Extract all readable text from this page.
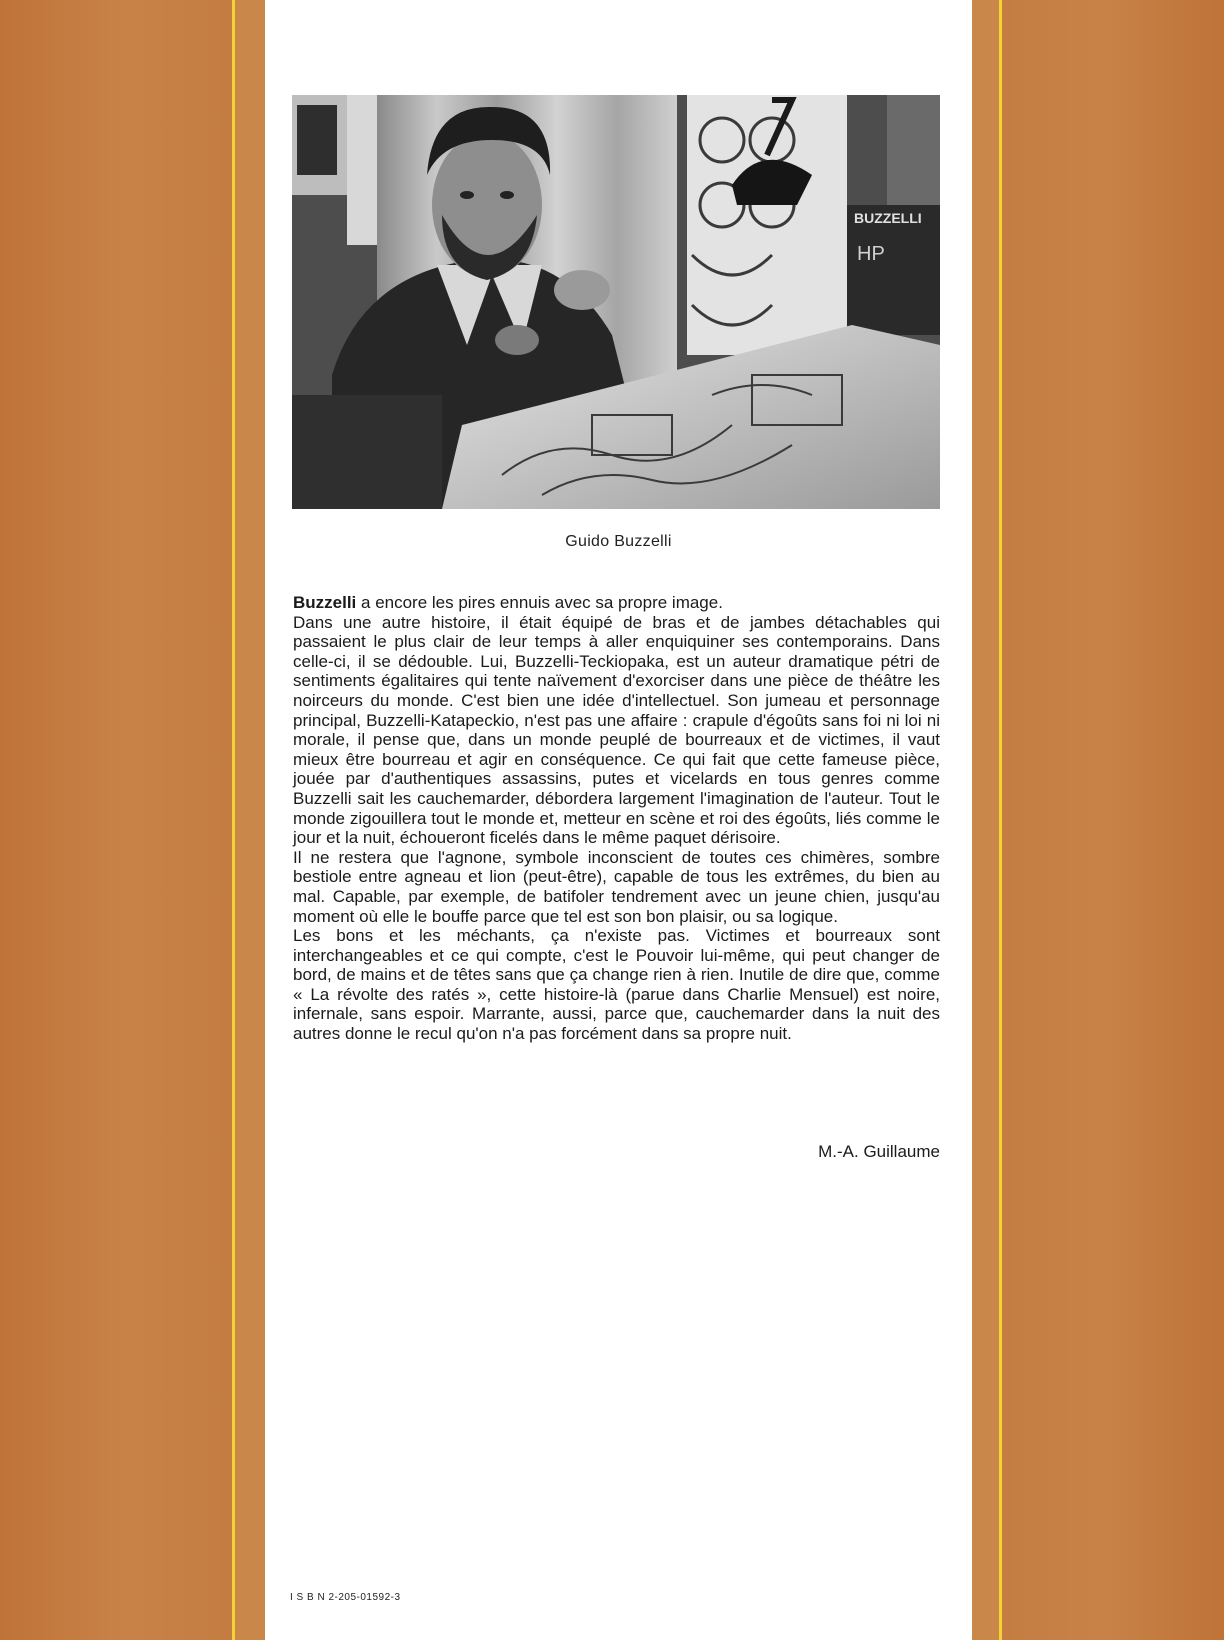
BUZZELLI
HP
Guido Buzzelli

Buzzelli a encore les pires ennuis avec sa propre image.

Dans une autre histoire, il était équipé de bras et de jambes détachables qui passaient le plus clair de leur temps à aller enquiquiner ses contemporains. Dans celle-ci, il se dédouble. Lui, Buzzelli-Teckiopaka, est un auteur dramatique pétri de sentiments égalitaires qui tente naïvement d'exorciser dans une pièce de théâtre les noirceurs du monde. C'est bien une idée d'intellectuel. Son jumeau et personnage principal, Buzzelli-Katapeckio, n'est pas une affaire : crapule d'égoûts sans foi ni loi ni morale, il pense que, dans un monde peuplé de bourreaux et de victimes, il vaut mieux être bourreau et agir en conséquence. Ce qui fait que cette fameuse pièce, jouée par d'authentiques assassins, putes et vicelards en tous genres comme Buzzelli sait les cauchemarder, débordera largement l'imagination de l'auteur. Tout le monde zigouillera tout le monde et, metteur en scène et roi des égoûts, liés comme le jour et la nuit, échoueront ficelés dans le même paquet dérisoire.

Il ne restera que l'agnone, symbole inconscient de toutes ces chimères, sombre bestiole entre agneau et lion (peut-être), capable de tous les extrêmes, du bien au mal. Capable, par exemple, de batifoler tendrement avec un jeune chien, jusqu'au moment où elle le bouffe parce que tel est son bon plaisir, ou sa logique.

Les bons et les méchants, ça n'existe pas. Victimes et bourreaux sont interchangeables et ce qui compte, c'est le Pouvoir lui-même, qui peut changer de bord, de mains et de têtes sans que ça change rien à rien. Inutile de dire que, comme « La révolte des ratés », cette histoire-là (parue dans Charlie Mensuel) est noire, infernale, sans espoir. Marrante, aussi, parce que, cauchemarder dans la nuit des autres donne le recul qu'on n'a pas forcément dans sa propre nuit.

M.-A. Guillaume
I S B N 2-205-01592-3
